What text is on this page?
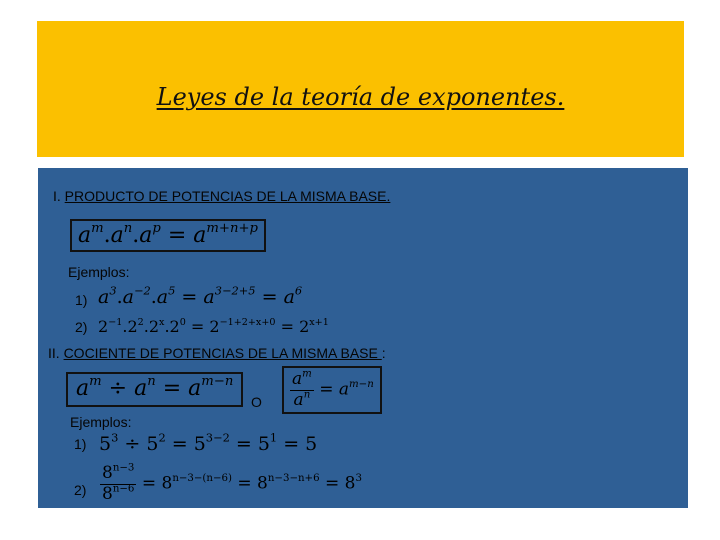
Leyes de la teoría de exponentes.
I. PRODUCTO DE POTENCIAS DE LA MISMA BASE.
$a^m.a^n.a^p = a^{m+n+p}$
Ejemplos:
1) $a^3.a^{-2}.a^5 = a^{3-2+5} = a^6$
2) $2^{-1}.2^2.2^x.2^0 = 2^{-1+2+x+0} = 2^{x+1}$
II. COCIENTE DE POTENCIAS DE LA MISMA BASE :
$a^m \div a^n = a^{m-n}$
O $\frac{a^m}{a^n} = a^{m-n}$
Ejemplos:
1) $5^3 \div 5^2 = 5^{3-2} = 5^1 = 5$
$2) \frac{8^{n-3}}{8^{n-6}} = 8^{n-3-(n-6)} = 8^{n-3-n+6} = 8^3$
